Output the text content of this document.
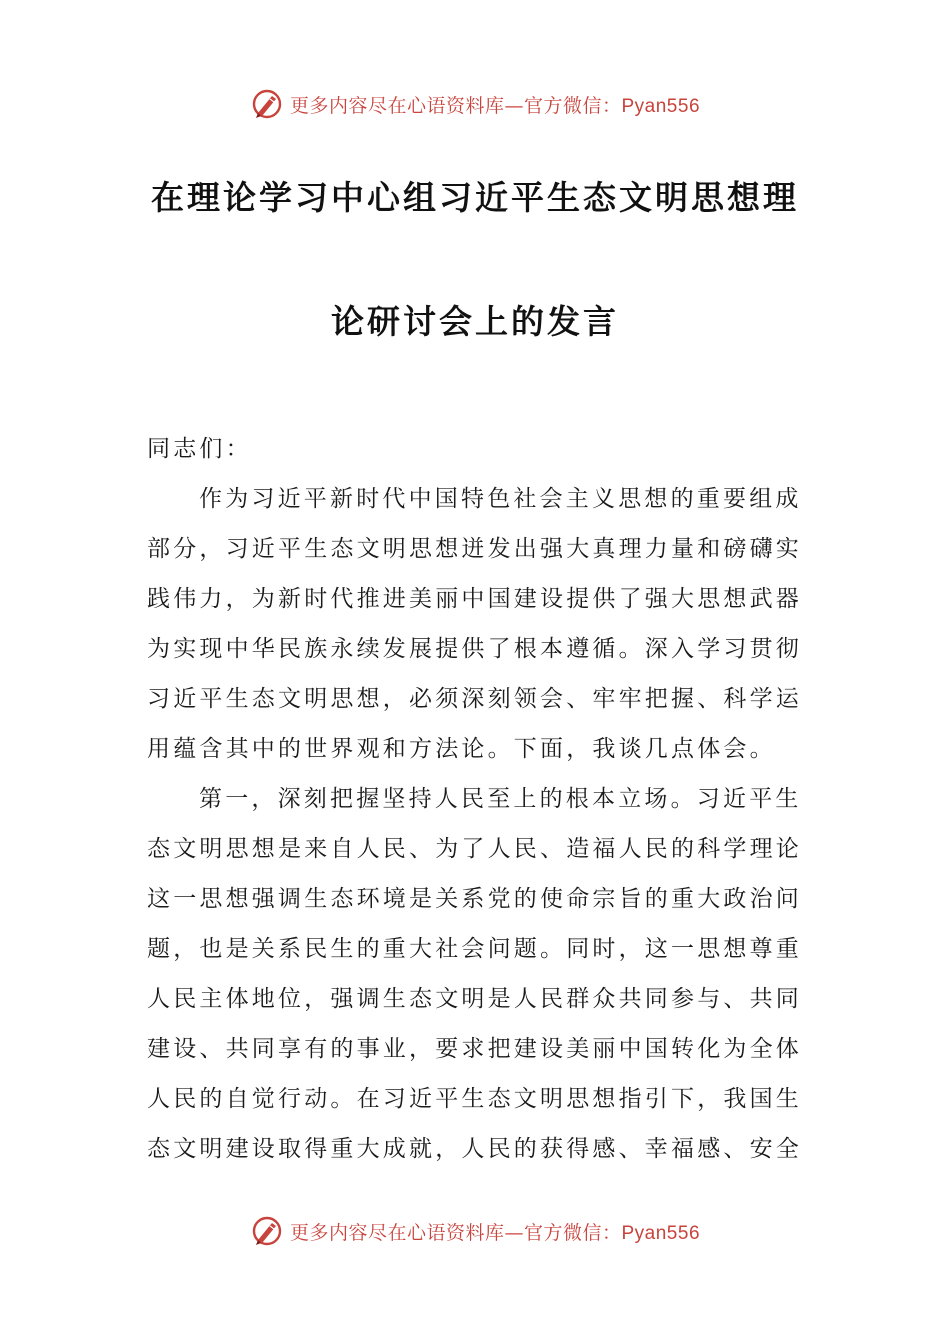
更多内容尽在心语资料库—官方微信：Pyan556
在理论学习中心组习近平生态文明思想理
论研讨会上的发言
同志们：
作为习近平新时代中国特色社会主义思想的重要组成
部分，习近平生态文明思想迸发出强大真理力量和磅礴实
践伟力，为新时代推进美丽中国建设提供了强大思想武器
为实现中华民族永续发展提供了根本遵循。深入学习贯彻
习近平生态文明思想，必须深刻领会、牢牢把握、科学运
用蕴含其中的世界观和方法论。下面，我谈几点体会。
第一，深刻把握坚持人民至上的根本立场。习近平生
态文明思想是来自人民、为了人民、造福人民的科学理论
这一思想强调生态环境是关系党的使命宗旨的重大政治问
题，也是关系民生的重大社会问题。同时，这一思想尊重
人民主体地位，强调生态文明是人民群众共同参与、共同
建设、共同享有的事业，要求把建设美丽中国转化为全体
人民的自觉行动。在习近平生态文明思想指引下，我国生
态文明建设取得重大成就，人民的获得感、幸福感、安全
更多内容尽在心语资料库—官方微信：Pyan556
